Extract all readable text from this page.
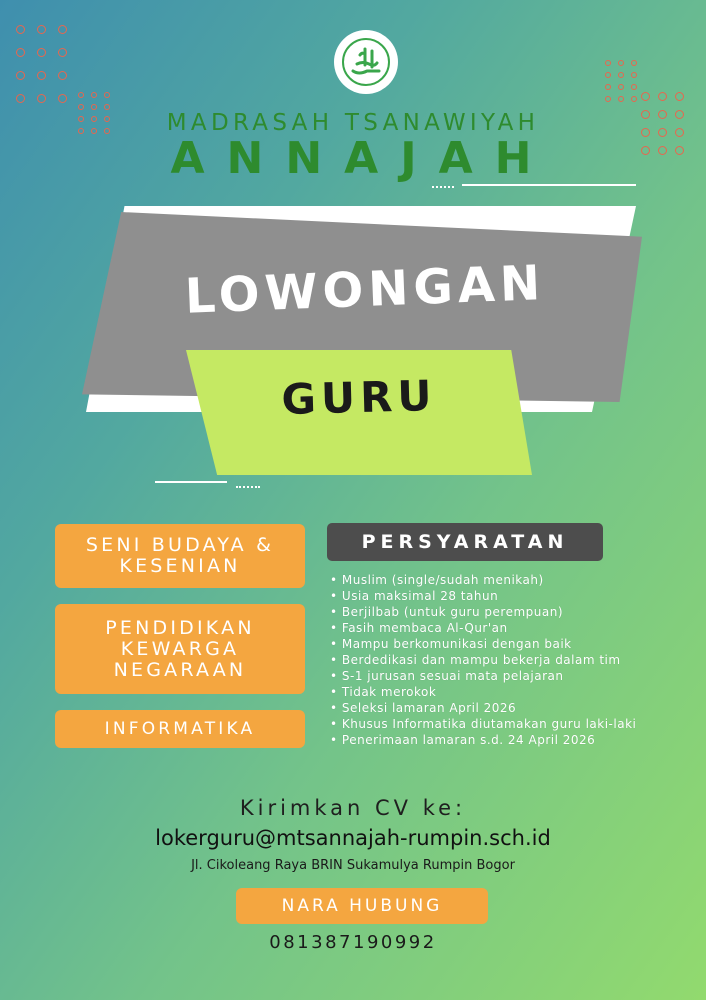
MADRASAH TSANAWIYAH
ANNAJAH
LOWONGAN
GURU
SENI BUDAYA &
KESENIAN
PENDIDIKAN
KEWARGA
NEGARAAN
INFORMATIKA
PERSYARATAN
• Muslim (single/sudah menikah)
• Usia maksimal 28 tahun
• Berjilbab (untuk guru perempuan)
• Fasih membaca Al-Qur'an
• Mampu berkomunikasi dengan baik
• Berdedikasi dan mampu bekerja dalam tim
• S-1 jurusan sesuai mata pelajaran
• Tidak merokok
• Seleksi lamaran April 2026
• Khusus Informatika diutamakan guru laki-laki
• Penerimaan lamaran s.d. 24 April 2026
Kirimkan CV ke:
lokerguru@mtsannajah-rumpin.sch.id
Jl. Cikoleang Raya BRIN Sukamulya Rumpin Bogor
NARA HUBUNG
081387190992
